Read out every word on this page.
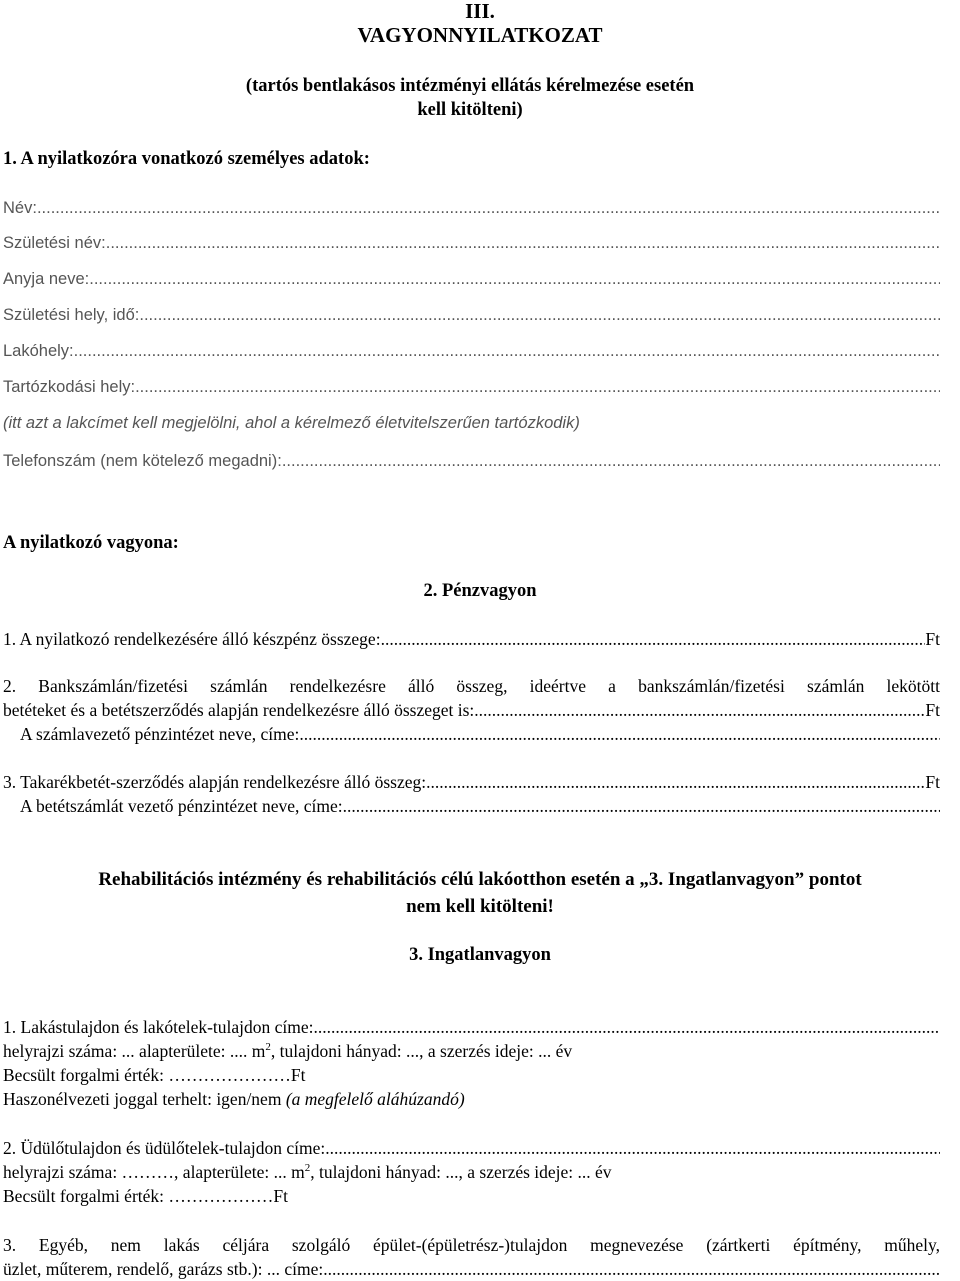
III.
VAGYONNYILATKOZAT
(tartós bentlakásos intézményi ellátás kérelmezése esetén
kell kitölteni)
1. A nyilatkozóra vonatkozó személyes adatok:
Név:
.....
Születési név:
.....
Anyja neve:
.....
Születési hely, idő:
.....
Lakóhely:
.....
Tartózkodási hely:
.....
(itt azt a lakcímet kell megjelölni, ahol a kérelmező életvitelszerűen tartózkodik)
Telefonszám (nem kötelező megadni):
.....
A nyilatkozó vagyona:
2. Pénzvagyon
1. A nyilatkozó rendelkezésére álló készpénz összege: .....	Ft
2. Bankszámlán/fizetési számlán rendelkezésre álló összeg, ideértve a bankszámlán/fizetési számlán lekötött
betéteket és a betétszerződés alapján rendelkezésre álló összeget is: .....	Ft
A számlavezető pénzintézet neve, címe:
.....
3. Takarékbetét-szerződés alapján rendelkezésre álló összeg: .....	Ft
A betétszámlát vezető pénzintézet neve, címe:
.....
Rehabilitációs intézmény és rehabilitációs célú lakóotthon esetén a „3. Ingatlanvagyon” pontot
nem kell kitölteni!
3. Ingatlanvagyon
1. Lakástulajdon és lakótelek-tulajdon címe:
.....
helyrajzi száma: ... alapterülete: .... $m^2$, tulajdoni hányad: ..., a szerzés ideje: ... év
Becsült forgalmi érték: …………………Ft
Haszonélvezeti joggal terhelt: igen/nem (a megfelelő aláhúzandó)
2. Üdülőtulajdon és üdülőtelek-tulajdon címe:
.....
helyrajzi száma: ………, alapterülete: ... $m^2$, tulajdoni hányad: ..., a szerzés ideje: ... év
Becsült forgalmi érték: ………………Ft
3. Egyéb, nem lakás céljára szolgáló épület-(épületrész-)tulajdon megnevezése (zártkerti építmény, műhely,
üzlet, műterem, rendelő, garázs stb.): ... címe:
.....
